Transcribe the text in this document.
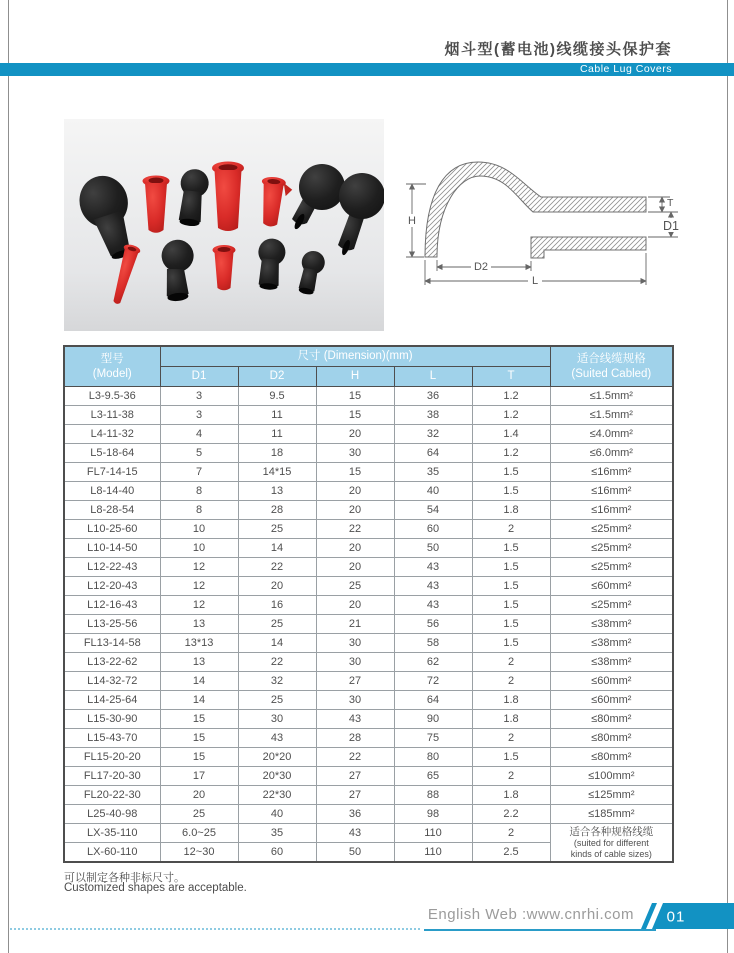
烟斗型(蓄电池)线缆接头保护套
Cable Lug Covers
H
D2
L
T
D1
型号
(Model)
	尺寸 (Dimension)(mm)	适合线缆规格
(Suited Cabled)

	D1	D2	H	L	T	
L3-9.5-36	3	9.5	15	36	1.2	≤1.5mm²
L3-11-38	3	11	15	38	1.2	≤1.5mm²
L4-11-32	4	11	20	32	1.4	≤4.0mm²
L5-18-64	5	18	30	64	1.2	≤6.0mm²
FL7-14-15	7	14*15	15	35	1.5	≤16mm²
L8-14-40	8	13	20	40	1.5	≤16mm²
L8-28-54	8	28	20	54	1.8	≤16mm²
L10-25-60	10	25	22	60	2	≤25mm²
L10-14-50	10	14	20	50	1.5	≤25mm²
L12-22-43	12	22	20	43	1.5	≤25mm²
L12-20-43	12	20	25	43	1.5	≤60mm²
L12-16-43	12	16	20	43	1.5	≤25mm²
L13-25-56	13	25	21	56	1.5	≤38mm²
FL13-14-58	13*13	14	30	58	1.5	≤38mm²
L13-22-62	13	22	30	62	2	≤38mm²
L14-32-72	14	32	27	72	2	≤60mm²
L14-25-64	14	25	30	64	1.8	≤60mm²
L15-30-90	15	30	43	90	1.8	≤80mm²
L15-43-70	15	43	28	75	2	≤80mm²
FL15-20-20	15	20*20	22	80	1.5	≤80mm²
FL17-20-30	17	20*30	27	65	2	≤100mm²
FL20-22-30	20	22*30	27	88	1.8	≤125mm²
L25-40-98	25	40	36	98	2.2	≤185mm²
LX-35-110	6.0~25	35	43	110	2	适合各种规格线缆
(suited for different
kinds of cable sizes)

LX-60-110	12~30	60	50	110	2.5	
可以制定各种非标尺寸。
Customized shapes are acceptable.
English Web :www.cnrhi.com 01
